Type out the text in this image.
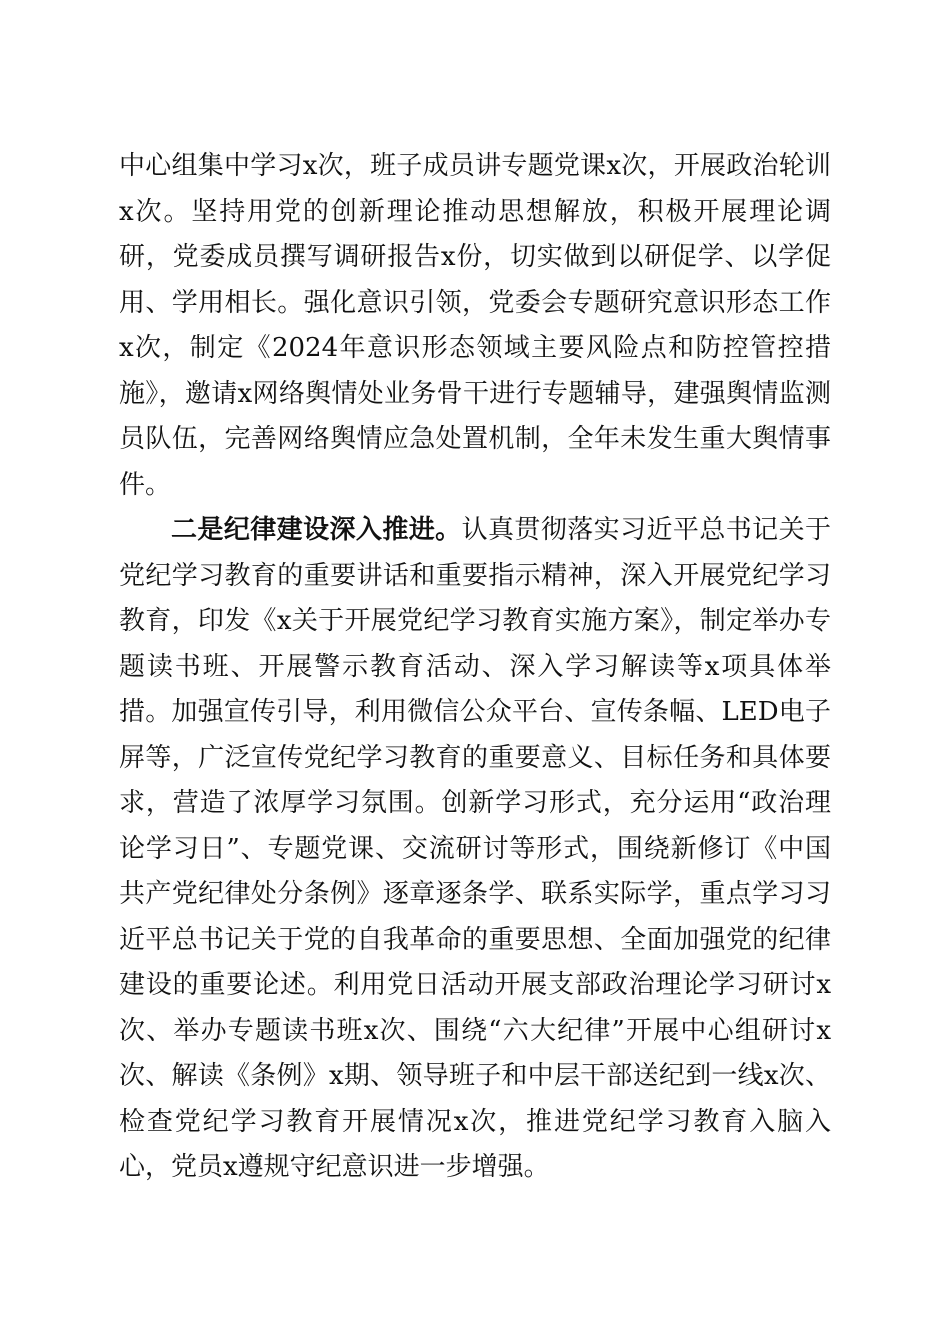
中心组集中学习x次，班子成员讲专题党课x次，开展政治轮训x次。坚持用党的创新理论推动思想解放，积极开展理论调研，党委成员撰写调研报告x份，切实做到以研促学、以学促用、学用相长。强化意识引领，党委会专题研究意识形态工作x次，制定《2024年意识形态领域主要风险点和防控管控措施》，邀请x网络舆情处业务骨干进行专题辅导，建强舆情监测员队伍，完善网络舆情应急处置机制，全年未发生重大舆情事件。

二是纪律建设深入推进。认真贯彻落实习近平总书记关于党纪学习教育的重要讲话和重要指示精神，深入开展党纪学习教育，印发《x关于开展党纪学习教育实施方案》，制定举办专题读书班、开展警示教育活动、深入学习解读等x项具体举措。加强宣传引导，利用微信公众平台、宣传条幅、LED电子屏等，广泛宣传党纪学习教育的重要意义、目标任务和具体要求，营造了浓厚学习氛围。创新学习形式，充分运用“政治理论学习日”、专题党课、交流研讨等形式，围绕新修订《中国共产党纪律处分条例》逐章逐条学、联系实际学，重点学习习近平总书记关于党的自我革命的重要思想、全面加强党的纪律建设的重要论述。利用党日活动开展支部政治理论学习研讨x次、举办专题读书班x次、围绕“六大纪律”开展中心组研讨x次、解读《条例》x期、领导班子和中层干部送纪到一线x次、检查党纪学习教育开展情况x次，推进党纪学习教育入脑入心，党员x遵规守纪意识进一步增强。
